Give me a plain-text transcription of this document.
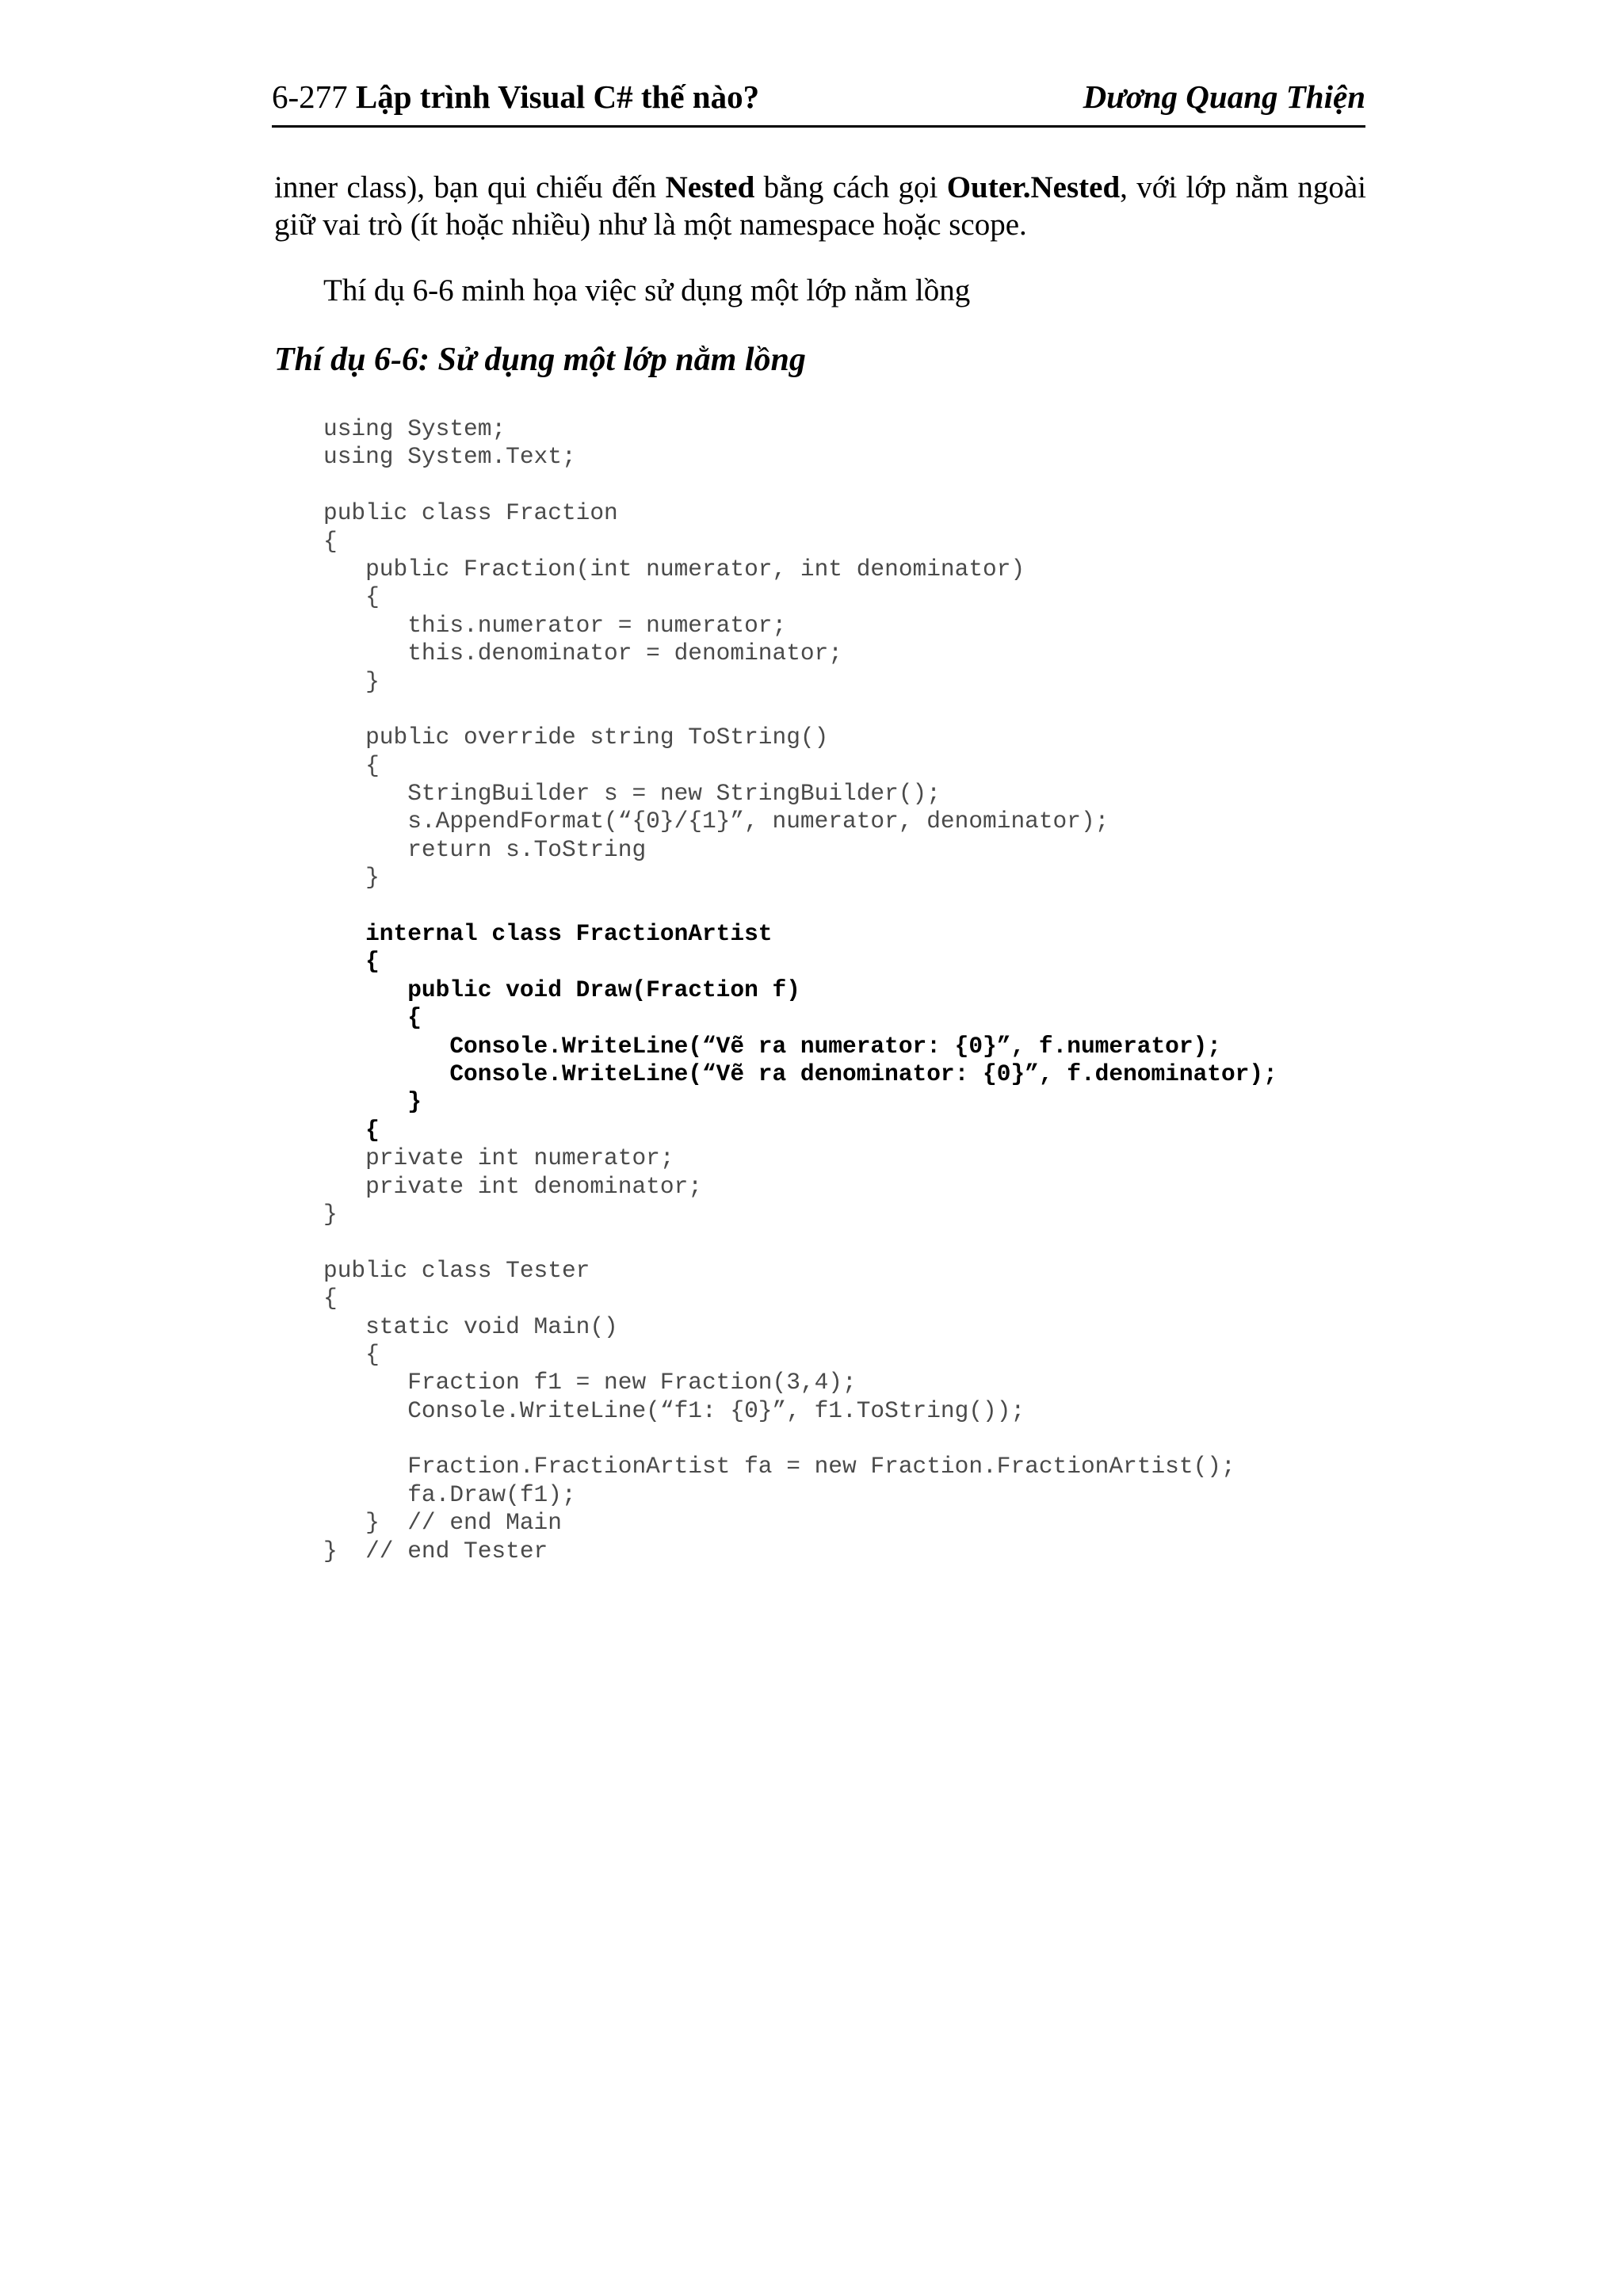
6-277 Lập trình Visual C# thế nào?	Dương Quang Thiện
inner class), bạn qui chiếu đến Nested bằng cách gọi Outer.Nested, với lớp nằm ngoài giữ vai trò (ít hoặc nhiều) như là một namespace hoặc scope.
Thí dụ 6-6 minh họa việc sử dụng một lớp nằm lồng
Thí dụ 6-6: Sử dụng một lớp nằm lồng
using System;
using System.Text;
public class Fraction
{
public Fraction(int numerator, int denominator)
{
this.numerator = numerator;
this.denominator = denominator;
}
public override string ToString()
{
StringBuilder s = new StringBuilder();
s.AppendFormat(“{0}/{1}”, numerator, denominator);
return s.ToString
}
internal class FractionArtist
{
public void Draw(Fraction f)
{
Console.WriteLine(“Vẽ ra numerator: {0}”, f.numerator);
Console.WriteLine(“Vẽ ra denominator: {0}”, f.denominator);
}
{
private int numerator;
private int denominator;
}
public class Tester
{
static void Main()
{
Fraction f1 = new Fraction(3,4);
Console.WriteLine(“f1: {0}”, f1.ToString());
Fraction.FractionArtist fa = new Fraction.FractionArtist();
fa.Draw(f1);
}  // end Main
}  // end Tester
